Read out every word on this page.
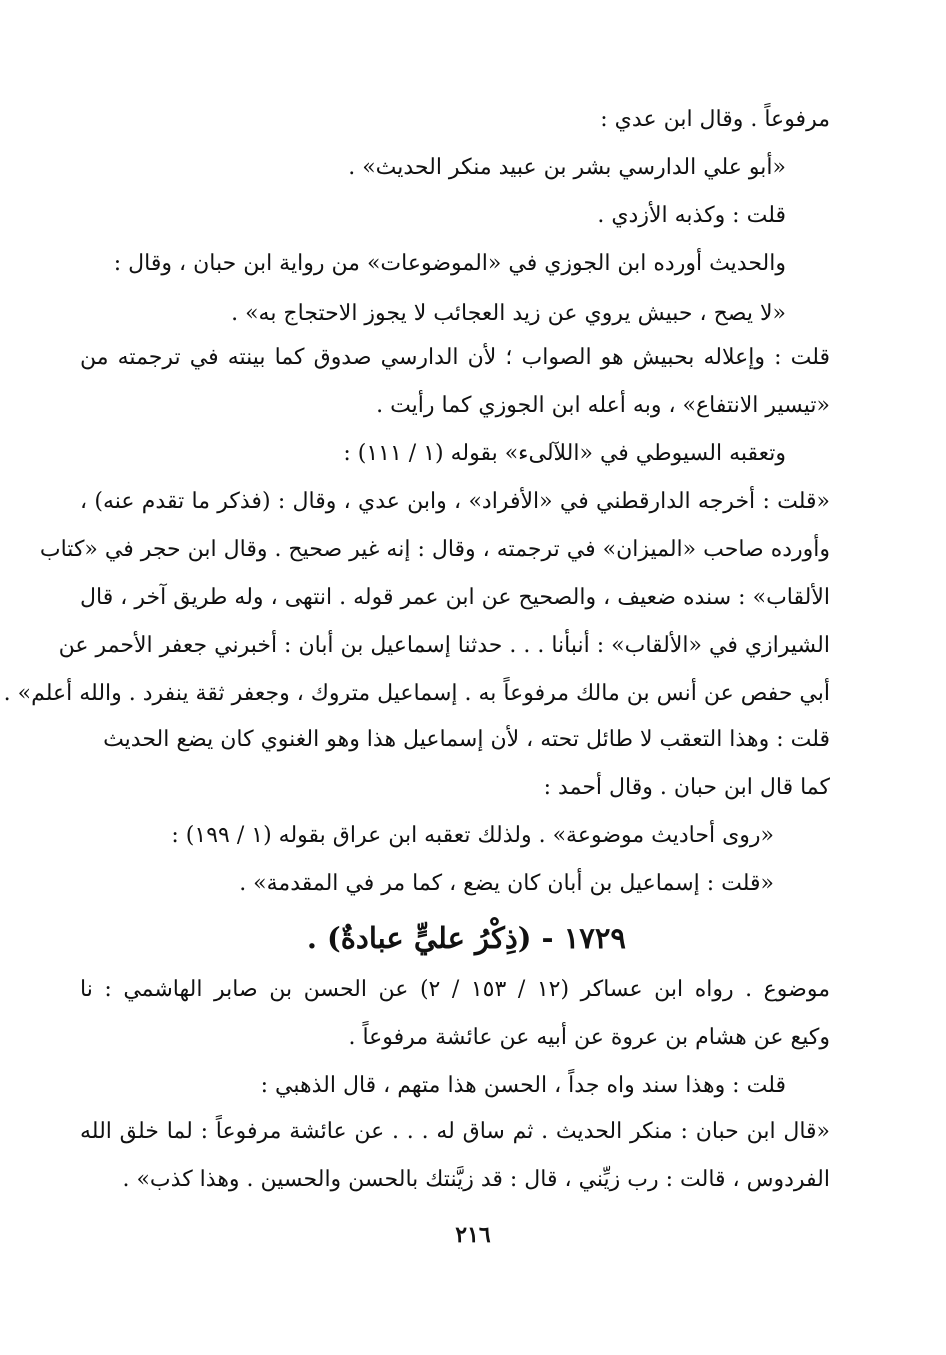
مرفوعاً . وقال ابن عدي :
«أبو علي الدارسي بشر بن عبيد منكر الحديث» .
قلت : وكذبه الأزدي .
والحديث أورده ابن الجوزي في «الموضوعات» من رواية ابن حبان ، وقال :
«لا يصح ، حبيش يروي عن زيد العجائب لا يجوز الاحتجاج به» .
قلت : وإعلاله بحبيش هو الصواب ؛ لأن الدارسي صدوق كما بينته في ترجمته من
«تيسير الانتفاع» ، وبه أعله ابن الجوزي كما رأيت .
وتعقبه السيوطي في «اللآلىء» بقوله (١ / ١١١) :
«قلت : أخرجه الدارقطني في «الأفراد» ، وابن عدي ، وقال : (فذكر ما تقدم عنه) ،
وأورده صاحب «الميزان» في ترجمته ، وقال : إنه غير صحيح . وقال ابن حجر في «كتاب
الألقاب» : سنده ضعيف ، والصحيح عن ابن عمر قوله . انتهى ، وله طريق آخر ، قال
الشيرازي في «الألقاب» : أنبأنا . . . حدثنا إسماعيل بن أبان : أخبرني جعفر الأحمر عن
أبي حفص عن أنس بن مالك مرفوعاً به . إسماعيل متروك ، وجعفر ثقة ينفرد . والله أعلم» .
قلت : وهذا التعقب لا طائل تحته ، لأن إسماعيل هذا وهو الغنوي كان يضع الحديث
كما قال ابن حبان . وقال أحمد :
«روى أحاديث موضوعة» . ولذلك تعقبه ابن عراق بقوله (١ / ١٩٩) :
«قلت : إسماعيل بن أبان كان يضع ، كما مر في المقدمة» .
١٧٢٩ - (ذِكْرُ عليٍّ عبادةٌ) .
موضوع . رواه ابن عساكر (١٢ / ١٥٣ / ٢) عن الحسن بن صابر الهاشمي : نا
وكيع عن هشام بن عروة عن أبيه عن عائشة مرفوعاً .
قلت : وهذا سند واه جداً ، الحسن هذا متهم ، قال الذهبي :
«قال ابن حبان : منكر الحديث . ثم ساق له . . . عن عائشة مرفوعاً : لما خلق الله
الفردوس ، قالت : رب زيِّني ، قال : قد زيَّنتك بالحسن والحسين . وهذا كذب» .
٢١٦
